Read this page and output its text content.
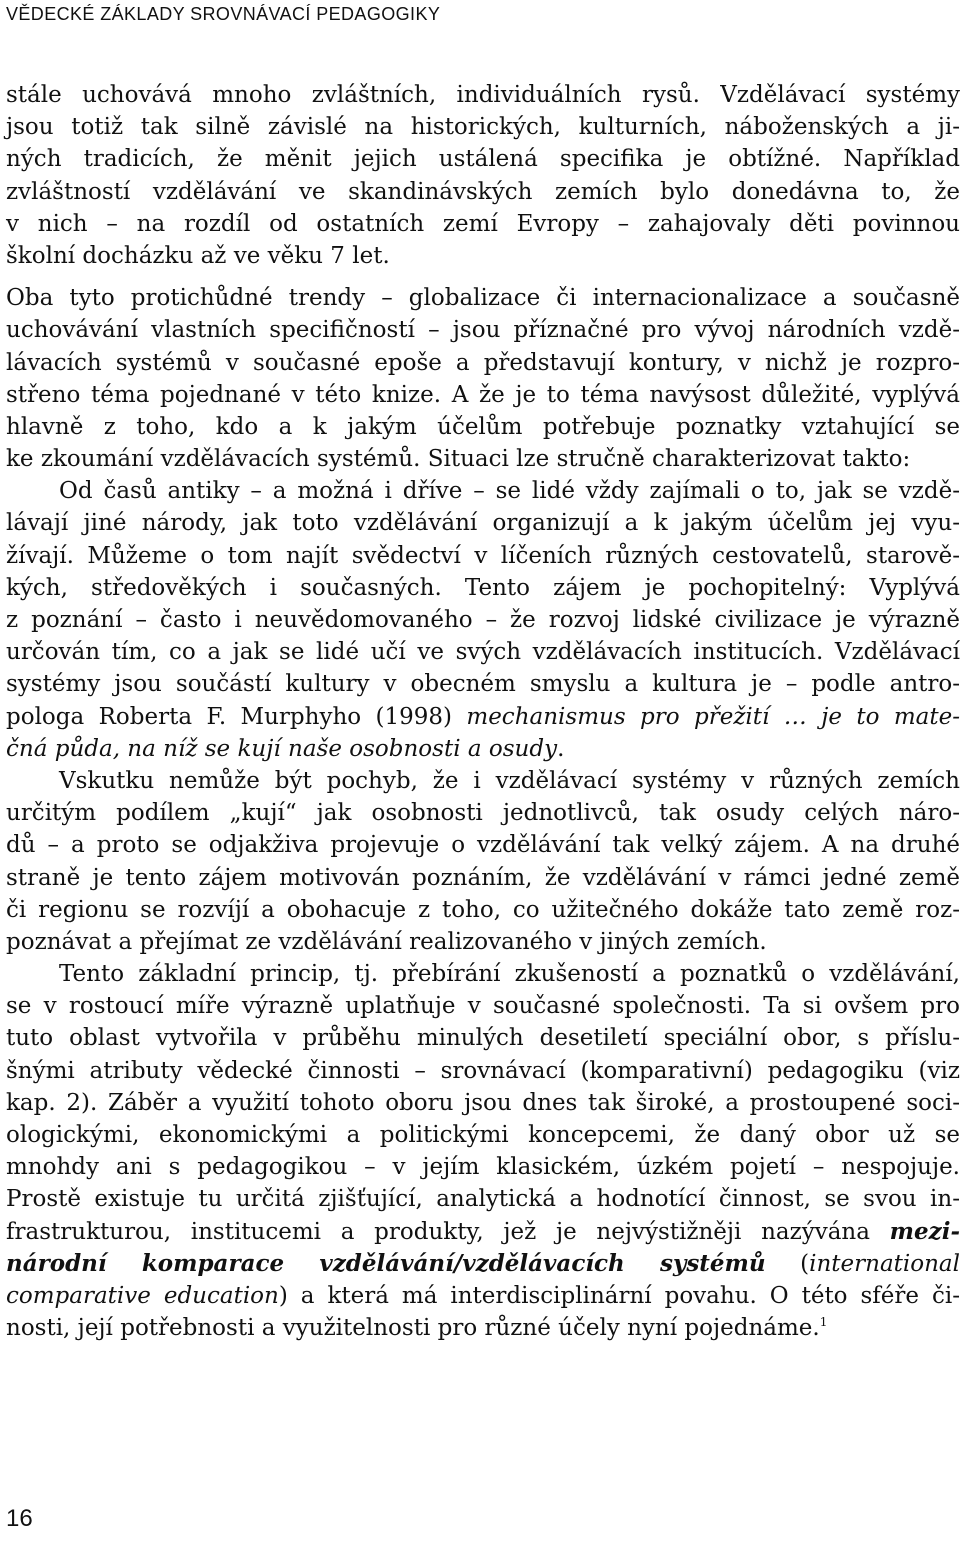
VĚDECKÉ ZÁKLADY SROVNÁVACÍ PEDAGOGIKY
stále uchovává mnoho zvláštních, individuálních rysů. Vzdělávací systémy
jsou totiž tak silně závislé na historických, kulturních, náboženských a ji-
ných tradicích, že měnit jejich ustálená specifika je obtížné. Například
zvláštností vzdělávání ve skandinávských zemích bylo donedávna to, že
v nich – na rozdíl od ostatních zemí Evropy – zahajovaly děti povinnou
školní docházku až ve věku 7 let.
Oba tyto protichůdné trendy – globalizace či internacionalizace a současně
uchovávání vlastních specifičností – jsou příznačné pro vývoj národních vzdě-
lávacích systémů v současné epoše a představují kontury, v nichž je rozpro-
střeno téma pojednané v této knize. A že je to téma navýsost důležité, vyplývá
hlavně z toho, kdo a k jakým účelům potřebuje poznatky vztahující se
ke zkoumání vzdělávacích systémů. Situaci lze stručně charakterizovat takto:
Od časů antiky – a možná i dříve – se lidé vždy zajímali o to, jak se vzdě-
lávají jiné národy, jak toto vzdělávání organizují a k jakým účelům jej vyu-
žívají. Můžeme o tom najít svědectví v líčeních různých cestovatelů, starově-
kých, středověkých i současných. Tento zájem je pochopitelný: Vyplývá
z poznání – často i neuvědomovaného – že rozvoj lidské civilizace je výrazně
určován tím, co a jak se lidé učí ve svých vzdělávacích institucích. Vzdělávací
systémy jsou součástí kultury v obecném smyslu a kultura je – podle antro-
pologa Roberta F. Murphyho (1998) mechanismus pro přežití … je to mate-
čná půda, na níž se kují naše osobnosti a osudy.
Vskutku nemůže být pochyb, že i vzdělávací systémy v různých zemích
určitým podílem „kují“ jak osobnosti jednotlivců, tak osudy celých náro-
dů – a proto se odjakživa projevuje o vzdělávání tak velký zájem. A na druhé
straně je tento zájem motivován poznáním, že vzdělávání v rámci jedné země
či regionu se rozvíjí a obohacuje z toho, co užitečného dokáže tato země roz-
poznávat a přejímat ze vzdělávání realizovaného v jiných zemích.
Tento základní princip, tj. přebírání zkušeností a poznatků o vzdělávání,
se v rostoucí míře výrazně uplatňuje v současné společnosti. Ta si ovšem pro
tuto oblast vytvořila v průběhu minulých desetiletí speciální obor, s příslu-
šnými atributy vědecké činnosti – srovnávací (komparativní) pedagogiku (viz
kap. 2). Záběr a využití tohoto oboru jsou dnes tak široké, a prostoupené soci-
ologickými, ekonomickými a politickými koncepcemi, že daný obor už se
mnohdy ani s pedagogikou – v jejím klasickém, úzkém pojetí – nespojuje.
Prostě existuje tu určitá zjišťující, analytická a hodnotící činnost, se svou in-
frastrukturou, institucemi a produkty, jež je nejvýstižněji nazývána mezi-
národní komparace vzdělávání/vzdělávacích systémů (international
comparative education) a která má interdisciplinární povahu. O této sféře či-
nosti, její potřebnosti a využitelnosti pro různé účely nyní pojednáme.$^1$
16
